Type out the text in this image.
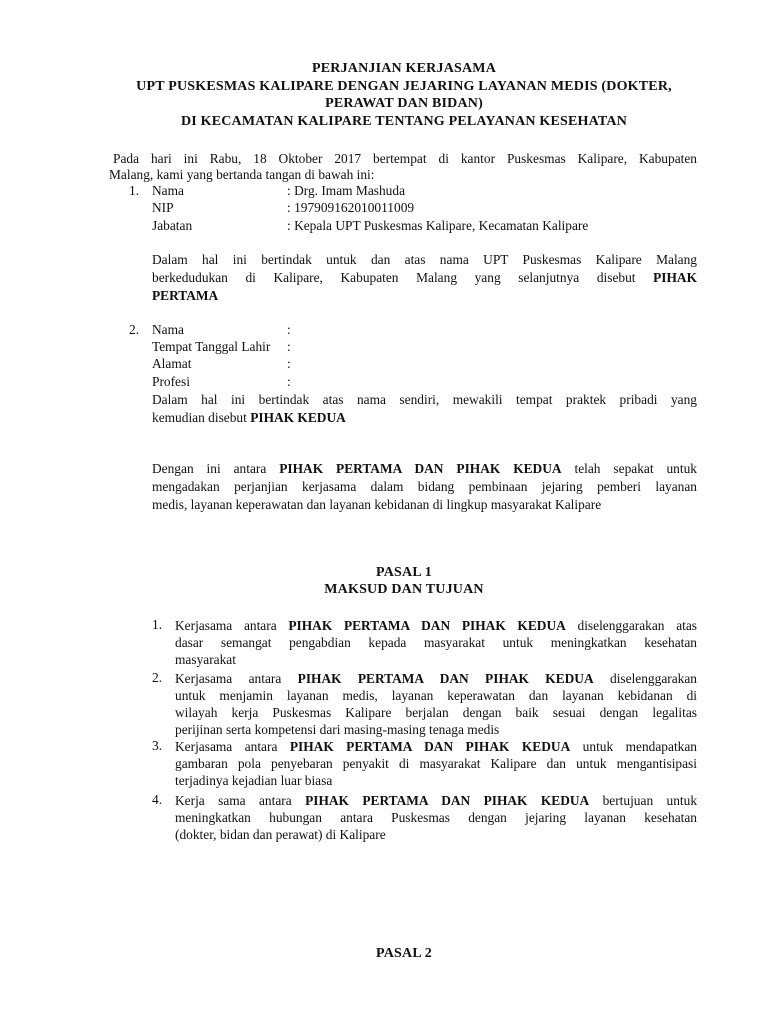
PERJANJIAN KERJASAMA
UPT PUSKESMAS KALIPARE DENGAN JEJARING LAYANAN MEDIS (DOKTER,
PERAWAT DAN BIDAN)
DI KECAMATAN KALIPARE TENTANG PELAYANAN KESEHATAN
Pada hari ini Rabu, 18 Oktober 2017 bertempat di kantor Puskesmas Kalipare, Kabupaten
Malang, kami yang bertanda tangan di bawah ini:
1. Nama	: Drg. Imam Mashuda
NIP	: 197909162010011009
Jabatan	: Kepala UPT Puskesmas Kalipare, Kecamatan Kalipare
Dalam hal ini bertindak untuk dan atas nama UPT Puskesmas Kalipare Malang
berkedudukan di Kalipare, Kabupaten Malang yang selanjutnya disebut PIHAK
PERTAMA
2. Nama	:
Tempat Tanggal Lahir :
Alamat	:
Profesi	:
Dalam hal ini bertindak atas nama sendiri, mewakili tempat praktek pribadi yang
kemudian disebut PIHAK KEDUA
Dengan ini antara PIHAK PERTAMA DAN PIHAK KEDUA telah sepakat untuk
mengadakan perjanjian kerjasama dalam bidang pembinaan jejaring pemberi layanan
medis, layanan keperawatan dan layanan kebidanan di lingkup masyarakat Kalipare
PASAL 1
MAKSUD DAN TUJUAN
1. Kerjasama antara PIHAK PERTAMA DAN PIHAK KEDUA diselenggarakan atas
dasar semangat pengabdian kepada masyarakat untuk meningkatkan kesehatan
masyarakat
2. Kerjasama antara PIHAK PERTAMA DAN PIHAK KEDUA diselenggarakan
untuk menjamin layanan medis, layanan keperawatan dan layanan kebidanan di
wilayah kerja Puskesmas Kalipare berjalan dengan baik sesuai dengan legalitas
perijinan serta kompetensi dari masing-masing tenaga medis
3. Kerjasama antara PIHAK PERTAMA DAN PIHAK KEDUA untuk mendapatkan
gambaran pola penyebaran penyakit di masyarakat Kalipare dan untuk mengantisipasi
terjadinya kejadian luar biasa
4. Kerja sama antara PIHAK PERTAMA DAN PIHAK KEDUA bertujuan untuk
meningkatkan hubungan antara Puskesmas dengan jejaring layanan kesehatan
(dokter, bidan dan perawat) di Kalipare
PASAL 2
